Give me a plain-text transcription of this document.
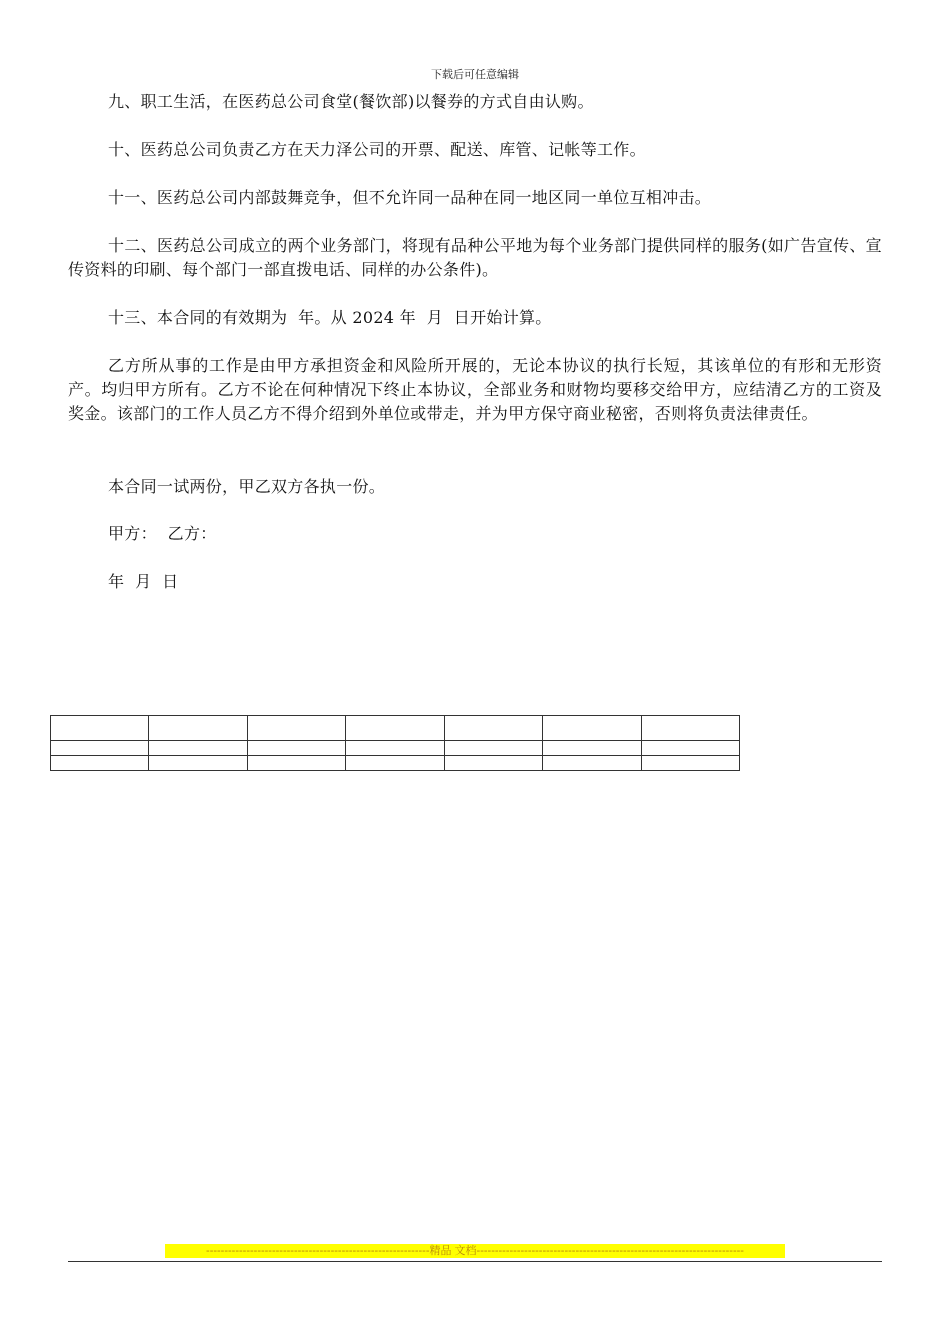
下载后可任意编辑

九、职工生活，在医药总公司食堂(餐饮部)以餐券的方式自由认购。

十、医药总公司负责乙方在天力泽公司的开票、配送、库管、记帐等工作。

十一、医药总公司内部鼓舞竞争，但不允许同一品种在同一地区同一单位互相冲击。

十二、医药总公司成立的两个业务部门，将现有品种公平地为每个业务部门提供同样的服务(如广告宣传、宣传资料的印刷、每个部门一部直拨电话、同样的办公条件)。

十三、本合同的有效期为  年。从 2024 年  月  日开始计算。

乙方所从事的工作是由甲方承担资金和风险所开展的，无论本协议的执行长短，其该单位的有形和无形资产。均归甲方所有。乙方不论在何种情况下终止本协议，全部业务和财物均要移交给甲方，应结清乙方的工资及奖金。该部门的工作人员乙方不得介绍到外单位或带走，并为甲方保守商业秘密，否则将负责法律责任。

本合同一试两份，甲乙双方各执一份。

甲方：  乙方：

年  月  日

-------------------------------------------------------------精品 文档-------------------------------------------------------------------------
